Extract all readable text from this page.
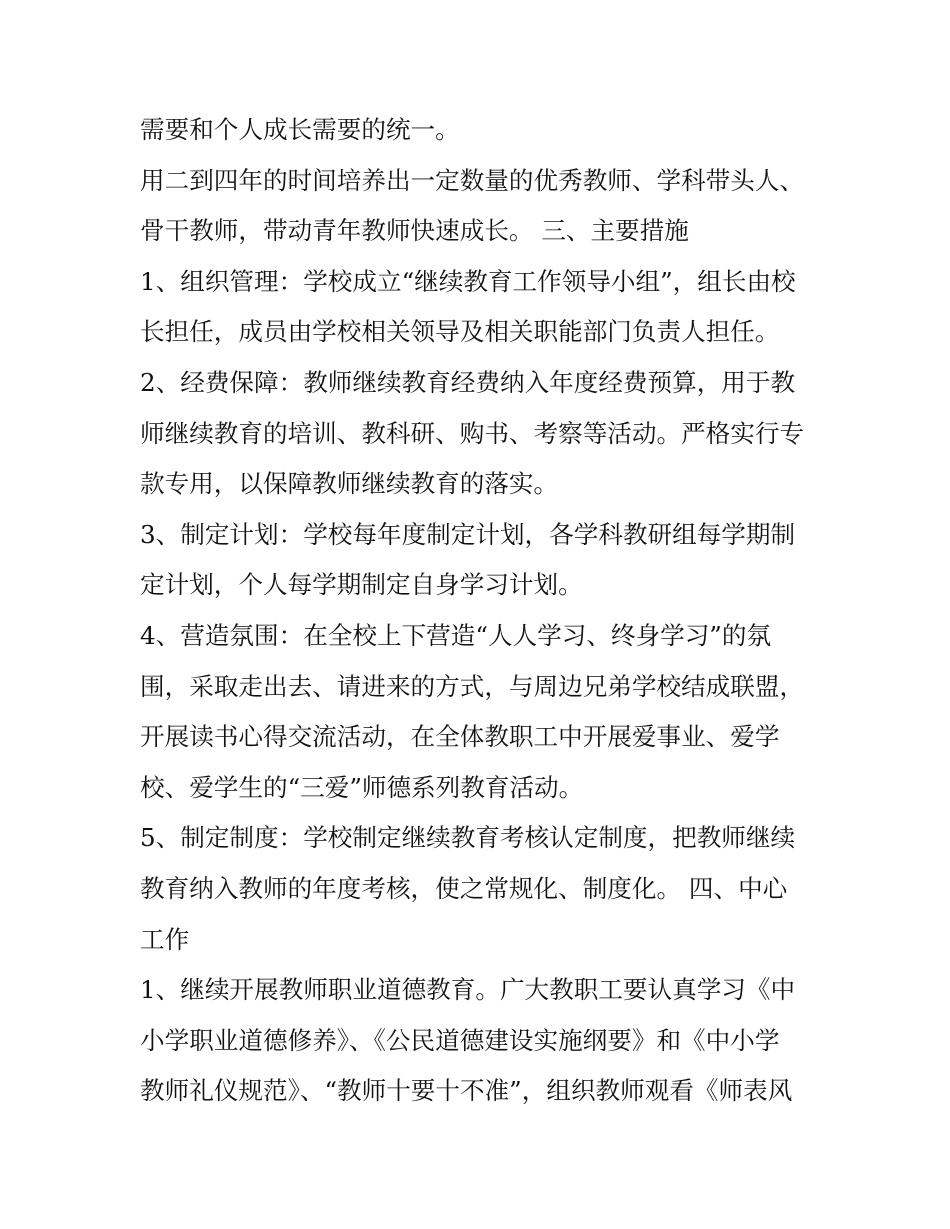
需要和个人成长需要的统一。
用二到四年的时间培养出一定数量的优秀教师、学科带头人、
骨干教师，带动青年教师快速成长。 三、主要措施
1、组织管理：学校成立“继续教育工作领导小组”，组长由校
长担任，成员由学校相关领导及相关职能部门负责人担任。
2、经费保障：教师继续教育经费纳入年度经费预算，用于教
师继续教育的培训、教科研、购书、考察等活动。严格实行专
款专用，以保障教师继续教育的落实。
3、制定计划：学校每年度制定计划，各学科教研组每学期制
定计划，个人每学期制定自身学习计划。
4、营造氛围：在全校上下营造“人人学习、终身学习”的氛
围，采取走出去、请进来的方式，与周边兄弟学校结成联盟，
开展读书心得交流活动，在全体教职工中开展爱事业、爱学
校、爱学生的“三爱”师德系列教育活动。
5、制定制度：学校制定继续教育考核认定制度，把教师继续
教育纳入教师的年度考核，使之常规化、制度化。 四、中心
工作
1、继续开展教师职业道德教育。广大教职工要认真学习《中
小学职业道德修养》、《公民道德建设实施纲要》和《中小学
教师礼仪规范》、“教师十要十不准”，组织教师观看《师表风
